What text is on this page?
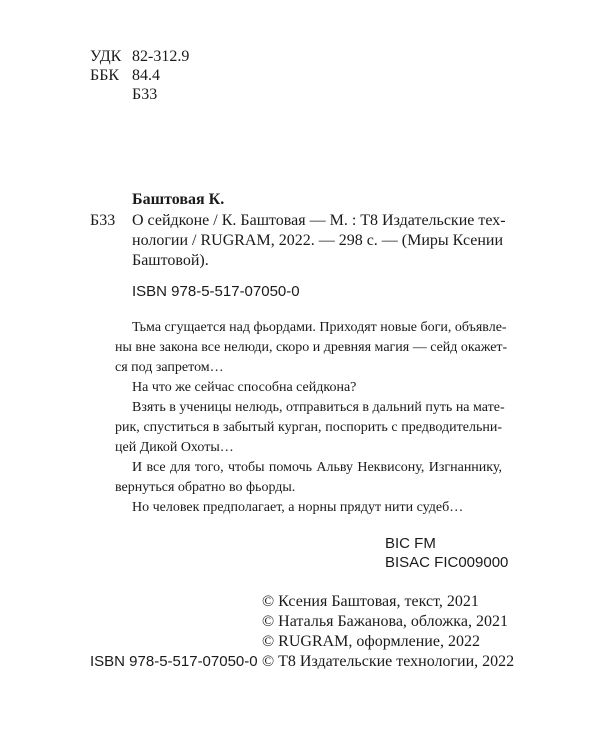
УДК 82-312.9
ББК 84.4
Б33
Баштовая К.
Б33 О сейдконе / К. Баштовая — М. : Т8 Издательские тех-
нологии / RUGRAM, 2022. — 298 с. — (Миры Ксении
Баштовой).
ISBN 978-5-517-07050-0
Тьма сгущается над фьордами. Приходят новые боги, объявле-
ны вне закона все нелюди, скоро и древняя магия — сейд окажет-
ся под запретом…
На что же сейчас способна сейдкона?
Взять в ученицы нелюдь, отправиться в дальний путь на мате-
рик, спуститься в забытый курган, поспорить с предводительни-
цей Дикой Охоты…
И все для того, чтобы помочь Альву Неквисону, Изгнаннику,
вернуться обратно во фьорды.
Но человек предполагает, а норны прядут нити судеб…
BIC FM
BISAC FIC009000
© Ксения Баштовая, текст, 2021
© Наталья Бажанова, обложка, 2021
© RUGRAM, оформление, 2022
ISBN 978-5-517-07050-0 © Т8 Издательские технологии, 2022
